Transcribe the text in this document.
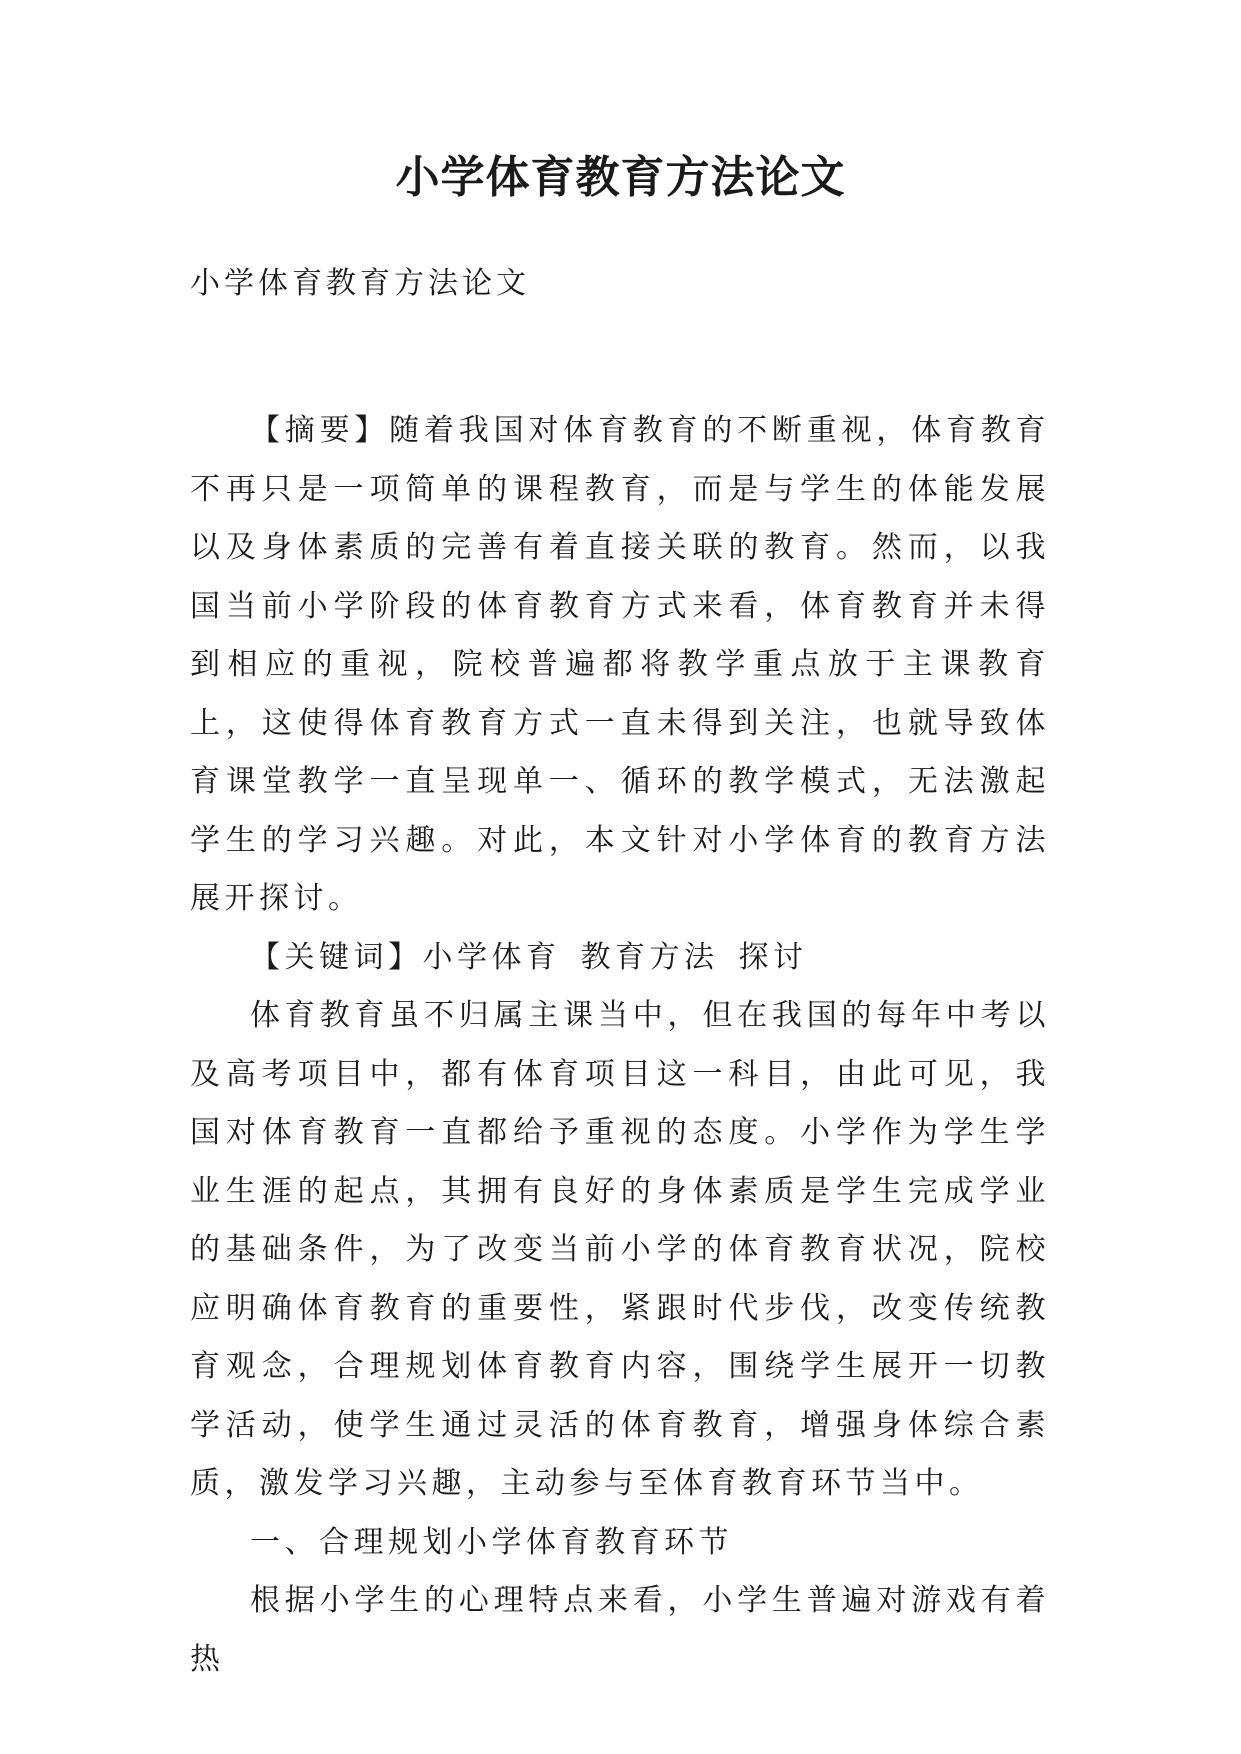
小学体育教育方法论文

小学体育教育方法论文

【摘要】随着我国对体育教育的不断重视，体育教育不再只是一项简单的课程教育，而是与学生的体能发展以及身体素质的完善有着直接关联的教育。然而，以我国当前小学阶段的体育教育方式来看，体育教育并未得到相应的重视，院校普遍都将教学重点放于主课教育上，这使得体育教育方式一直未得到关注，也就导致体育课堂教学一直呈现单一、循环的教学模式，无法激起学生的学习兴趣。对此，本文针对小学体育的教育方法展开探讨。

【关键词】小学体育 教育方法 探讨

体育教育虽不归属主课当中，但在我国的每年中考以及高考项目中，都有体育项目这一科目，由此可见，我国对体育教育一直都给予重视的态度。小学作为学生学业生涯的起点，其拥有良好的身体素质是学生完成学业的基础条件，为了改变当前小学的体育教育状况，院校应明确体育教育的重要性，紧跟时代步伐，改变传统教育观念，合理规划体育教育内容，围绕学生展开一切教学活动，使学生通过灵活的体育教育，增强身体综合素质，激发学习兴趣，主动参与至体育教育环节当中。

一、合理规划小学体育教育环节

根据小学生的心理特点来看，小学生普遍对游戏有着热
